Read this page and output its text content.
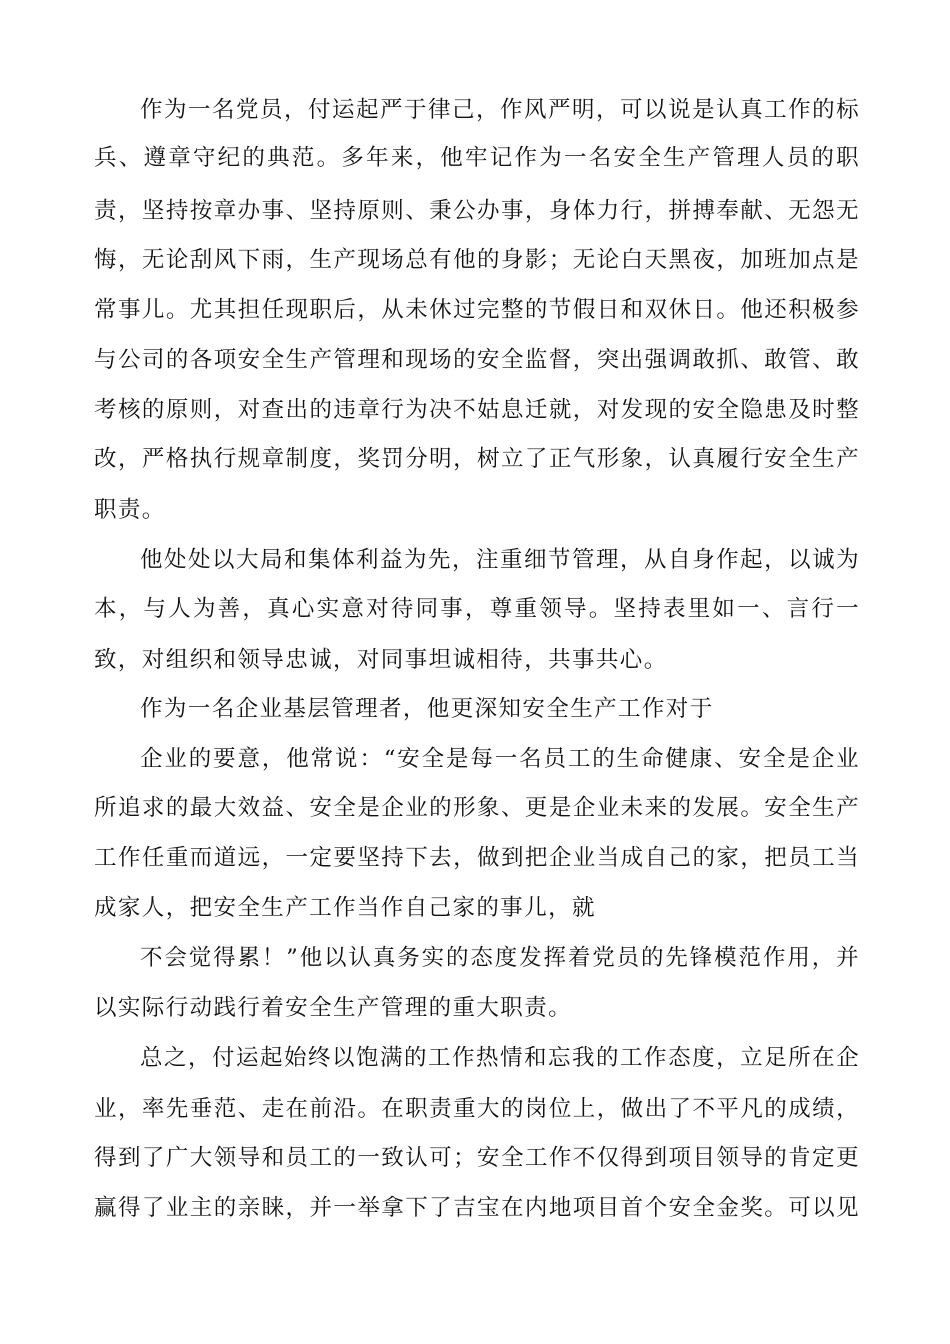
作为一名党员，付运起严于律己，作风严明，可以说是认真工作的标
兵、遵章守纪的典范。多年来，他牢记作为一名安全生产管理人员的职
责，坚持按章办事、坚持原则、秉公办事，身体力行，拼搏奉献、无怨无
悔，无论刮风下雨，生产现场总有他的身影；无论白天黑夜，加班加点是
常事儿。尤其担任现职后，从未休过完整的节假日和双休日。他还积极参
与公司的各项安全生产管理和现场的安全监督，突出强调敢抓、敢管、敢
考核的原则，对查出的违章行为决不姑息迁就，对发现的安全隐患及时整
改，严格执行规章制度，奖罚分明，树立了正气形象，认真履行安全生产
职责。
他处处以大局和集体利益为先，注重细节管理，从自身作起，以诚为
本，与人为善，真心实意对待同事，尊重领导。坚持表里如一、言行一
致，对组织和领导忠诚，对同事坦诚相待，共事共心。
作为一名企业基层管理者，他更深知安全生产工作对于
企业的要意，他常说：“安全是每一名员工的生命健康、安全是企业
所追求的最大效益、安全是企业的形象、更是企业未来的发展。安全生产
工作任重而道远，一定要坚持下去，做到把企业当成自己的家，把员工当
成家人，把安全生产工作当作自己家的事儿，就
不会觉得累！”他以认真务实的态度发挥着党员的先锋模范作用，并
以实际行动践行着安全生产管理的重大职责。
总之，付运起始终以饱满的工作热情和忘我的工作态度，立足所在企
业，率先垂范、走在前沿。在职责重大的岗位上，做出了不平凡的成绩，
得到了广大领导和员工的一致认可；安全工作不仅得到项目领导的肯定更
赢得了业主的亲睐，并一举拿下了吉宝在内地项目首个安全金奖。可以见
